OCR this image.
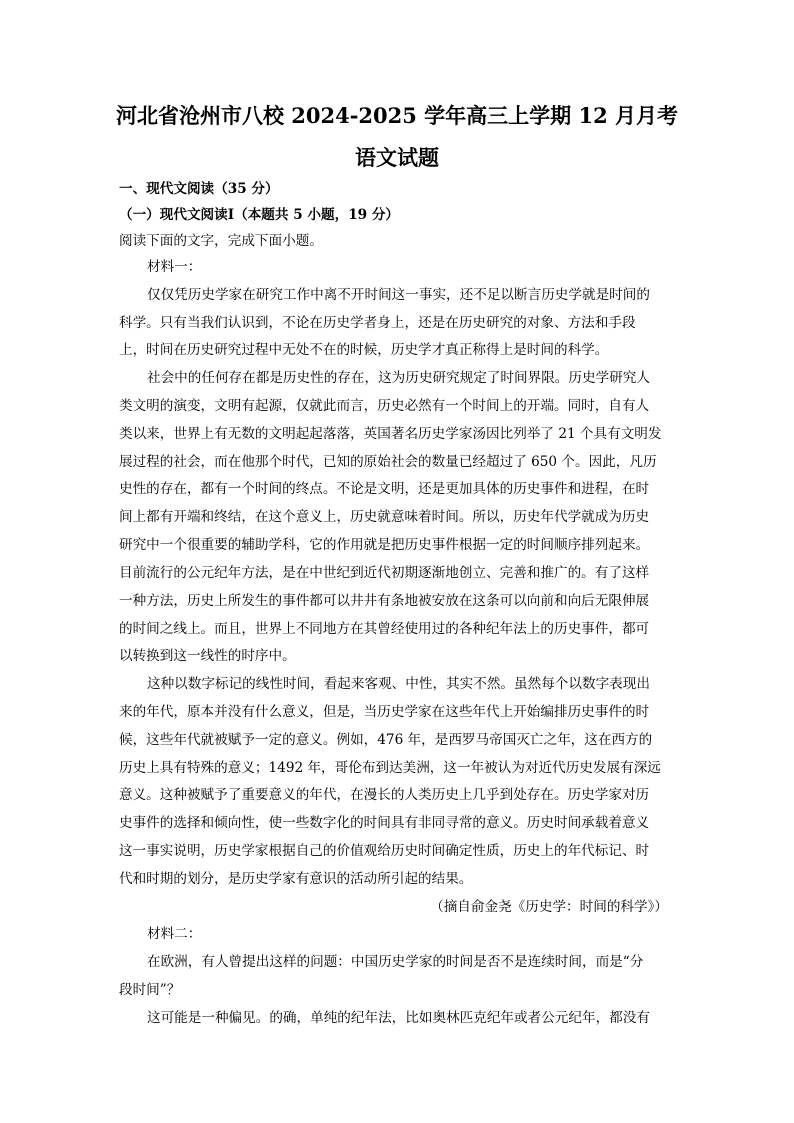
河北省沧州市八校 2024-2025 学年高三上学期 12 月月考
语文试题
一、现代文阅读（35 分）
（一）现代文阅读Ⅰ（本题共 5 小题，19 分）
阅读下面的文字，完成下面小题。
材料一：
仅仅凭历史学家在研究工作中离不开时间这一事实，还不足以断言历史学就是时间的
科学。只有当我们认识到，不论在历史学者身上，还是在历史研究的对象、方法和手段
上，时间在历史研究过程中无处不在的时候，历史学才真正称得上是时间的科学。
社会中的任何存在都是历史性的存在，这为历史研究规定了时间界限。历史学研究人
类文明的演变，文明有起源，仅就此而言，历史必然有一个时间上的开端。同时，自有人
类以来，世界上有无数的文明起起落落，英国著名历史学家汤因比列举了 21 个具有文明发
展过程的社会，而在他那个时代，已知的原始社会的数量已经超过了 650 个。因此，凡历
史性的存在，都有一个时间的终点。不论是文明，还是更加具体的历史事件和进程，在时
间上都有开端和终结，在这个意义上，历史就意味着时间。所以，历史年代学就成为历史
研究中一个很重要的辅助学科，它的作用就是把历史事件根据一定的时间顺序排列起来。
目前流行的公元纪年方法，是在中世纪到近代初期逐渐地创立、完善和推广的。有了这样
一种方法，历史上所发生的事件都可以井井有条地被安放在这条可以向前和向后无限伸展
的时间之线上。而且，世界上不同地方在其曾经使用过的各种纪年法上的历史事件，都可
以转换到这一线性的时序中。
这种以数字标记的线性时间，看起来客观、中性，其实不然。虽然每个以数字表现出
来的年代，原本并没有什么意义，但是，当历史学家在这些年代上开始编排历史事件的时
候，这些年代就被赋予一定的意义。例如，476 年，是西罗马帝国灭亡之年，这在西方的
历史上具有特殊的意义；1492 年，哥伦布到达美洲，这一年被认为对近代历史发展有深远
意义。这种被赋予了重要意义的年代，在漫长的人类历史上几乎到处存在。历史学家对历
史事件的选择和倾向性，使一些数字化的时间具有非同寻常的意义。历史时间承载着意义
这一事实说明，历史学家根据自己的价值观给历史时间确定性质，历史上的年代标记、时
代和时期的划分，是历史学家有意识的活动所引起的结果。
（摘自俞金尧《历史学：时间的科学》）
材料二：
在欧洲，有人曾提出这样的问题：中国历史学家的时间是否不是连续时间，而是“分
段时间”？
这可能是一种偏见。的确，单纯的纪年法，比如奥林匹克纪年或者公元纪年，都没有
